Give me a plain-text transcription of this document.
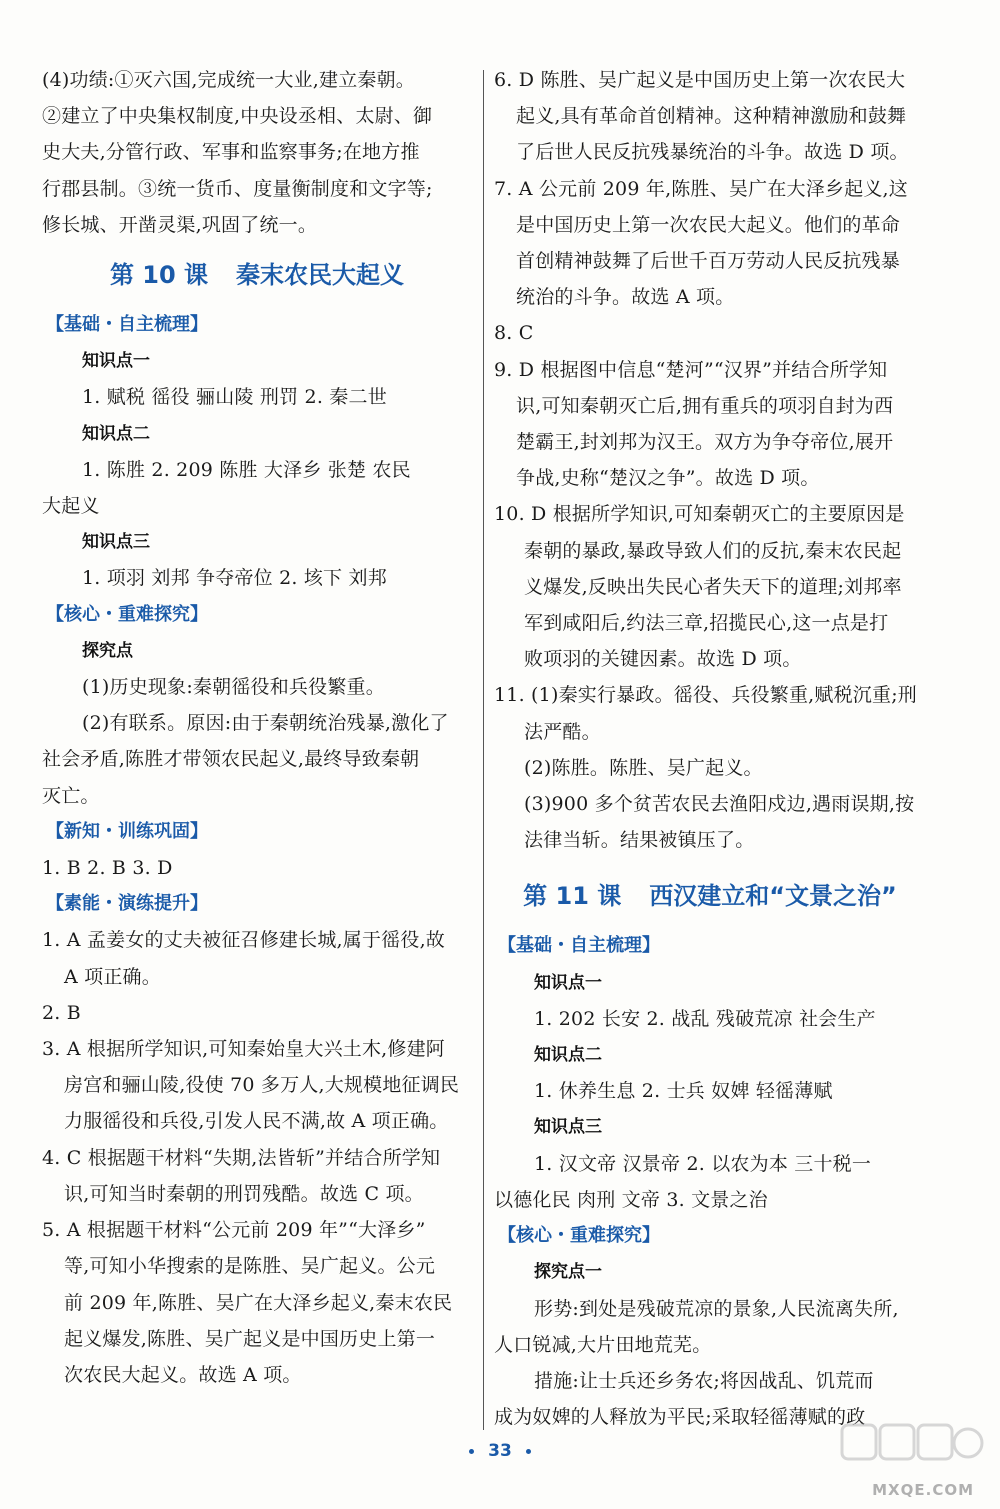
(4)功绩:①灭六国,完成统一大业,建立秦朝。
②建立了中央集权制度,中央设丞相、太尉、御
史大夫,分管行政、军事和监察事务;在地方推
行郡县制。③统一货币、度量衡制度和文字等;
修长城、开凿灵渠,巩固了统一。
第 10 课 秦末农民大起义
【基础・自主梳理】
知识点一
1. 赋税 徭役 骊山陵 刑罚 2. 秦二世
知识点二
1. 陈胜 2. 209 陈胜 大泽乡 张楚 农民
大起义
知识点三
1. 项羽 刘邦 争夺帝位 2. 垓下 刘邦
【核心・重难探究】
探究点
(1)历史现象:秦朝徭役和兵役繁重。
(2)有联系。原因:由于秦朝统治残暴,激化了
社会矛盾,陈胜才带领农民起义,最终导致秦朝
灭亡。
【新知・训练巩固】
1. B 2. B 3. D
【素能・演练提升】
1. A 孟姜女的丈夫被征召修建长城,属于徭役,故
A 项正确。
2. B
3. A 根据所学知识,可知秦始皇大兴土木,修建阿
房宫和骊山陵,役使 70 多万人,大规模地征调民
力服徭役和兵役,引发人民不满,故 A 项正确。
4. C 根据题干材料“失期,法皆斩”并结合所学知
识,可知当时秦朝的刑罚残酷。故选 C 项。
5. A 根据题干材料“公元前 209 年”“大泽乡”
等,可知小华搜索的是陈胜、吴广起义。公元
前 209 年,陈胜、吴广在大泽乡起义,秦末农民
起义爆发,陈胜、吴广起义是中国历史上第一
次农民大起义。故选 A 项。
6. D 陈胜、吴广起义是中国历史上第一次农民大
起义,具有革命首创精神。这种精神激励和鼓舞
了后世人民反抗残暴统治的斗争。故选 D 项。
7. A 公元前 209 年,陈胜、吴广在大泽乡起义,这
是中国历史上第一次农民大起义。他们的革命
首创精神鼓舞了后世千百万劳动人民反抗残暴
统治的斗争。故选 A 项。
8. C
9. D 根据图中信息“楚河”“汉界”并结合所学知
识,可知秦朝灭亡后,拥有重兵的项羽自封为西
楚霸王,封刘邦为汉王。双方为争夺帝位,展开
争战,史称“楚汉之争”。故选 D 项。
10. D 根据所学知识,可知秦朝灭亡的主要原因是
秦朝的暴政,暴政导致人们的反抗,秦末农民起
义爆发,反映出失民心者失天下的道理;刘邦率
军到咸阳后,约法三章,招揽民心,这一点是打
败项羽的关键因素。故选 D 项。
11. (1)秦实行暴政。徭役、兵役繁重,赋税沉重;刑
法严酷。
(2)陈胜。陈胜、吴广起义。
(3)900 多个贫苦农民去渔阳戍边,遇雨误期,按
法律当斩。结果被镇压了。
第 11 课 西汉建立和“文景之治”
【基础・自主梳理】
知识点一
1. 202 长安 2. 战乱 残破荒凉 社会生产
知识点二
1. 休养生息 2. 士兵 奴婢 轻徭薄赋
知识点三
1. 汉文帝 汉景帝 2. 以农为本 三十税一
以德化民 肉刑 文帝 3. 文景之治
【核心・重难探究】
探究点一
形势:到处是残破荒凉的景象,人民流离失所,
人口锐减,大片田地荒芜。
措施:让士兵还乡务农;将因战乱、饥荒而
成为奴婢的人释放为平民;采取轻徭薄赋的政
33
MXQE.COM
